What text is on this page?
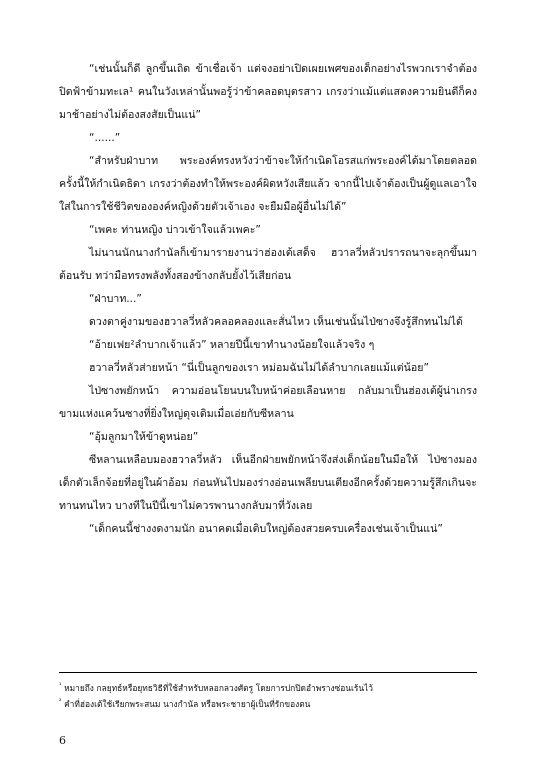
“เช่นนั้นก็ดี ลูกขึ้นเถิด ข้าเชื่อเจ้า แต่จงอย่าเปิดเผยเพศของเด็กอย่างไรพวกเราจำต้องปิดฟ้าข้ามทะเล¹ คนในวังเหล่านั้นพอรู้ว่าข้าคลอดบุตรสาว เกรงว่าแม้แต่แสดงความยินดีก็คงมาช้าอย่างไม่ต้องสงสัยเป็นแน่”

“......”

“สำหรับฝ่าบาท พระองค์ทรงหวังว่าข้าจะให้กำเนิดโอรสแก่พระองค์ได้มาโดยตลอด ครั้งนี้ให้กำเนิดธิดา เกรงว่าต้องทำให้พระองค์ผิดหวังเสียแล้ว จากนี้ไปเจ้าต้องเป็นผู้ดูแลเอาใจใส่ในการใช้ชีวิตขององค์หญิงด้วยตัวเจ้าเอง จะยืมมือผู้อื่นไม่ได้”

“เพคะ ท่านหญิง บ่าวเข้าใจแล้วเพคะ”

ไม่นานนักนางกำนัลก็เข้ามารายงานว่าฮ่องเต้เสด็จ ฮวาลวี่หลัวปรารถนาจะลุกขึ้นมาต้อนรับ ทว่ามือทรงพลังทั้งสองข้างกลับยั้งไว้เสียก่อน

“ฝ่าบาท...”

ดวงตาคู่งามของฮวาลวี่หลัวคลอคลองและสั่นไหว เห็นเช่นนั้นไป่ซางจึงรู้สึกทนไม่ได้

“อ้ายเฟย²ลำบากเจ้าแล้ว” หลายปีนี้เขาทำนางน้อยใจแล้วจริง ๆ

ฮวาลวี่หลัวส่ายหน้า “นี่เป็นลูกของเรา หม่อมฉันไม่ได้ลำบากเลยแม้แต่น้อย”

ไป่ซางพยักหน้า ความอ่อนโยนบนใบหน้าค่อยเลือนหาย กลับมาเป็นฮ่องเต้ผู้น่าเกรงขามแห่งแคว้นซางที่ยิ่งใหญ่ดุจเดิมเมื่อเอ่ยกับซีหลาน

“อุ้มลูกมาให้ข้าดูหน่อย”

ซีหลานเหลือบมองฮวาลวี่หลัว เห็นอีกฝ่ายพยักหน้าจึงส่งเด็กน้อยในมือให้ ไป่ซางมองเด็กตัวเล็กจ้อยที่อยู่ในผ้าอ้อม ก่อนหันไปมองร่างอ่อนเพลียบนเตียงอีกครั้งด้วยความรู้สึกเกินจะทานทนไหว บางทีในปีนี้เขาไม่ควรพานางกลับมาที่วังเลย

“เด็กคนนี้ช่างงดงามนัก อนาคตเมื่อเติบใหญ่ต้องสวยครบเครื่องเช่นเจ้าเป็นแน่”

$^{^1}$ หมายถึง กลยุทธ์หรือยุทธวิธีที่ใช้สำหรับหลอกลวงศัตรู โดยการปกปิดอำพรางซ่อนเร้นไว้

$^{^2}$ คำที่ฮ่องเต้ใช้เรียกพระสนม นางกำนัล หรือพระชายาผู้เป็นที่รักของตน

6
